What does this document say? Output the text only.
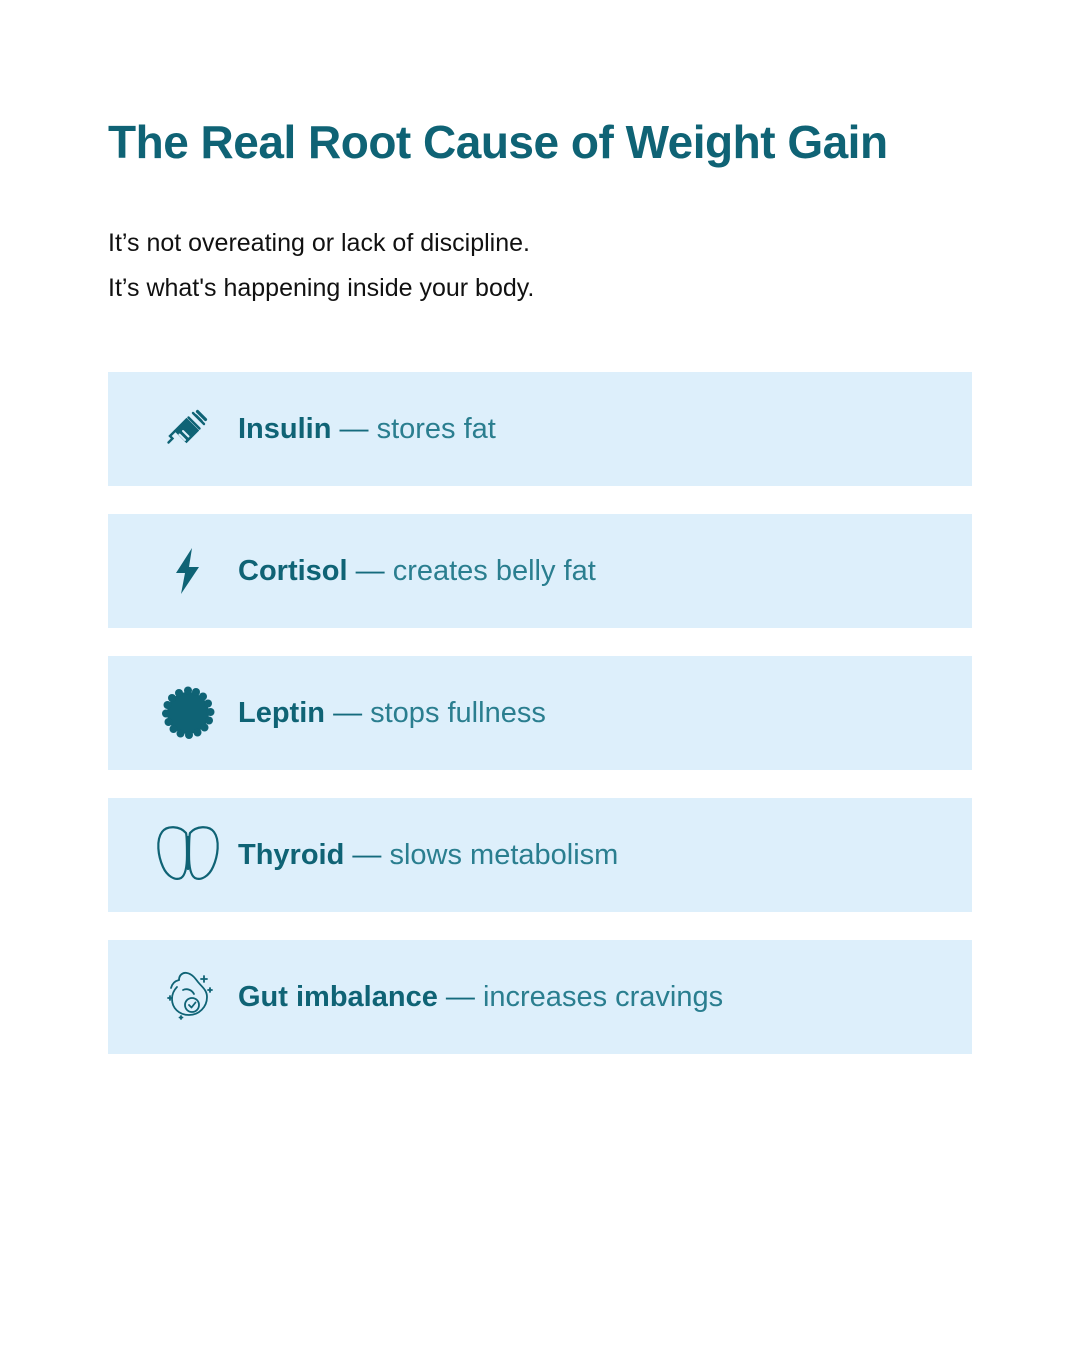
The Real Root Cause of Weight Gain

It’s not overeating or lack of discipline.
It’s what's happening inside your body.

Insulin — stores fat
Cortisol — creates belly fat
Leptin — stops fullness
Thyroid — slows metabolism
Gut imbalance — increases cravings
